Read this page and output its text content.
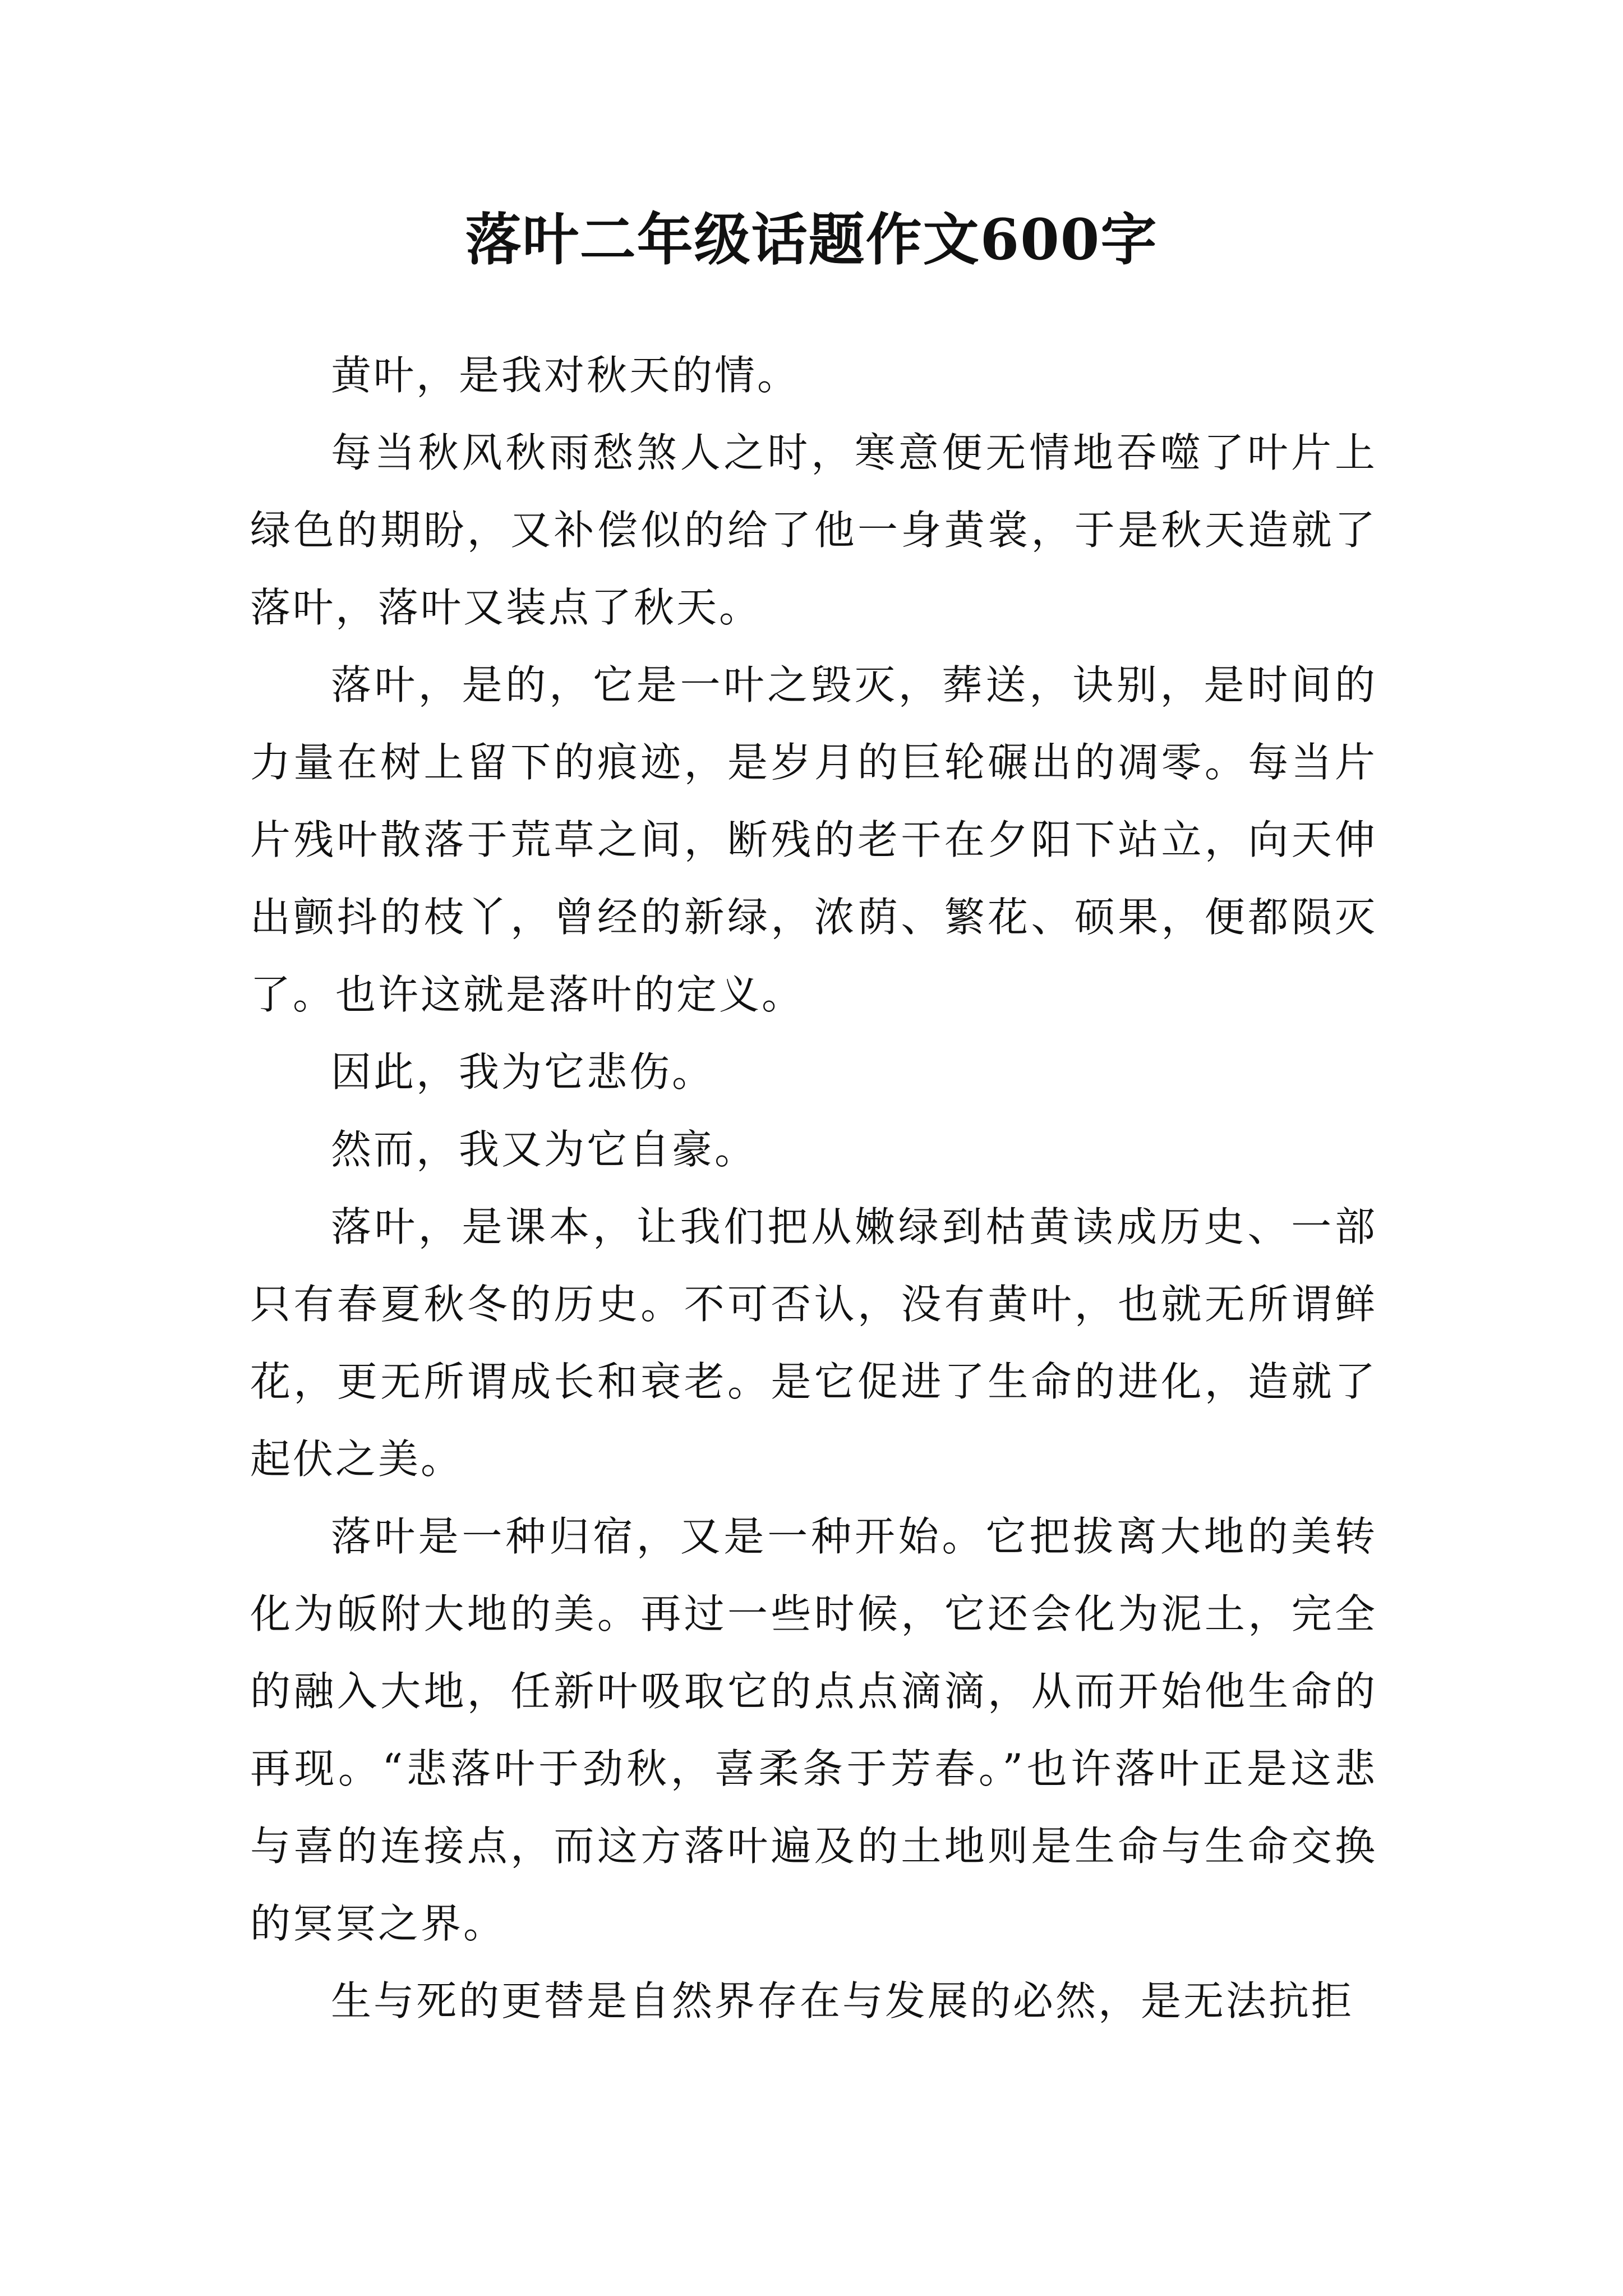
落叶二年级话题作文600字

黄叶，是我对秋天的情。

每当秋风秋雨愁煞人之时，寒意便无情地吞噬了叶片上绿色的期盼，又补偿似的给了他一身黄裳，于是秋天造就了落叶，落叶又装点了秋天。

落叶，是的，它是一叶之毁灭，葬送，诀别，是时间的力量在树上留下的痕迹，是岁月的巨轮碾出的凋零。每当片片残叶散落于荒草之间，断残的老干在夕阳下站立，向天伸出颤抖的枝丫，曾经的新绿，浓荫、繁花、硕果，便都陨灭了。也许这就是落叶的定义。

因此，我为它悲伤。

然而，我又为它自豪。

落叶，是课本，让我们把从嫩绿到枯黄读成历史、一部只有春夏秋冬的历史。不可否认，没有黄叶，也就无所谓鲜花，更无所谓成长和衰老。是它促进了生命的进化，造就了起伏之美。

落叶是一种归宿，又是一种开始。它把拔离大地的美转化为皈附大地的美。再过一些时候，它还会化为泥土，完全的融入大地，任新叶吸取它的点点滴滴，从而开始他生命的再现。“悲落叶于劲秋，喜柔条于芳春。”也许落叶正是这悲与喜的连接点，而这方落叶遍及的土地则是生命与生命交换的冥冥之界。

生与死的更替是自然界存在与发展的必然，是无法抗拒
